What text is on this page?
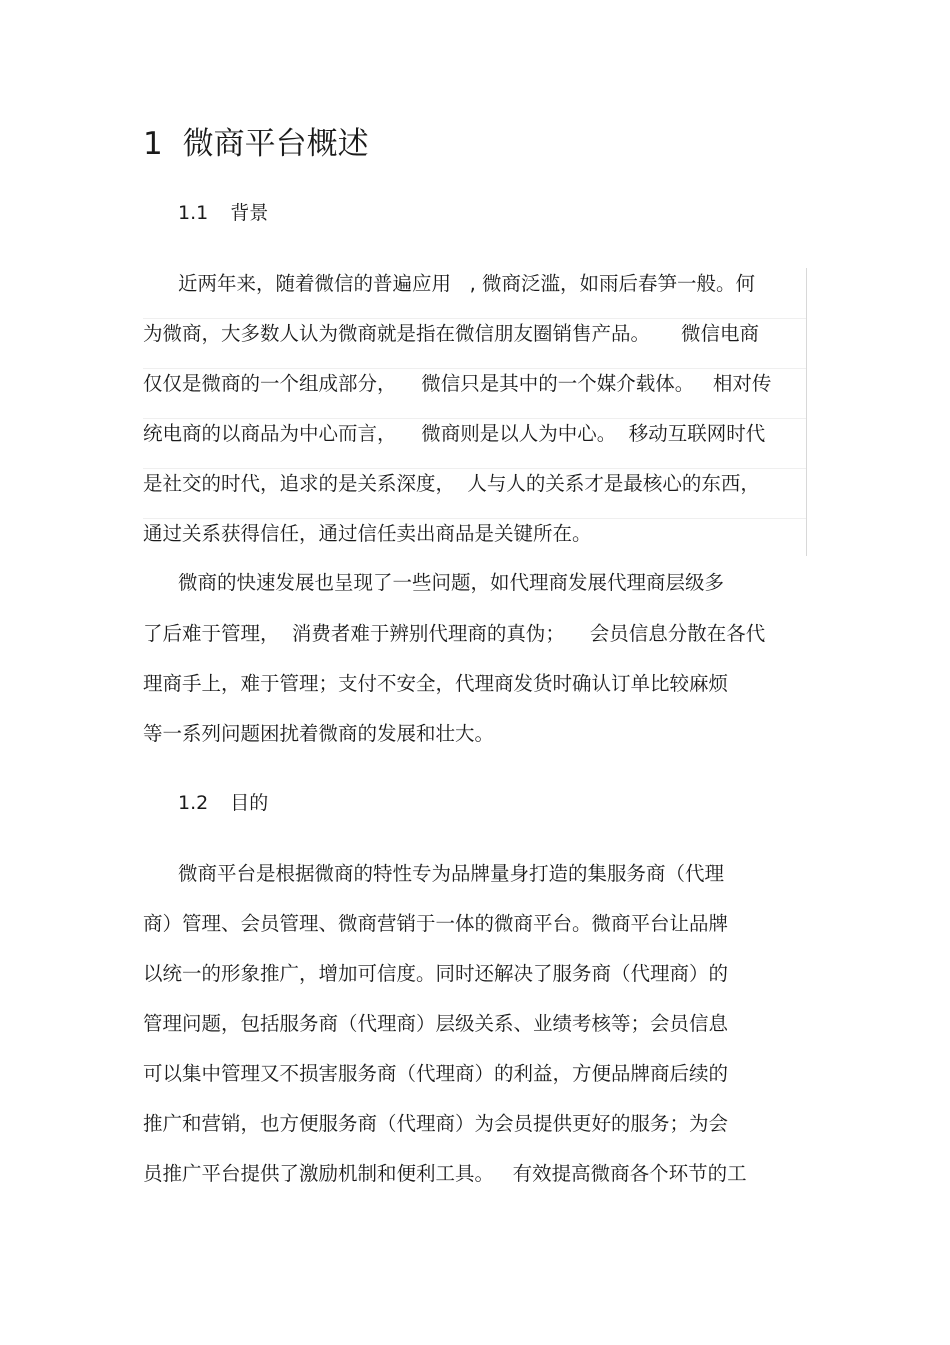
1 微商平台概述
1.1 背景
近两年来，随着微信的普遍应用   , 微商泛滥，如雨后春笋一般。何
为微商，大多数人认为微商就是指在微信朋友圈销售产品。     微信电商
仅仅是微商的一个组成部分，    微信只是其中的一个媒介载体。   相对传
统电商的以商品为中心而言，    微商则是以人为中心。  移动互联网时代
是社交的时代，追求的是关系深度，  人与人的关系才是最核心的东西，
通过关系获得信任，通过信任卖出商品是关键所在。
微商的快速发展也呈现了一些问题，如代理商发展代理商层级多
了后难于管理，  消费者难于辨别代理商的真伪；    会员信息分散在各代
理商手上，难于管理；支付不安全，代理商发货时确认订单比较麻烦
等一系列问题困扰着微商的发展和壮大。
1.2 目的
微商平台是根据微商的特性专为品牌量身打造的集服务商（代理
商）管理、会员管理、微商营销于一体的微商平台。微商平台让品牌
以统一的形象推广，增加可信度。同时还解决了服务商（代理商）的
管理问题，包括服务商（代理商）层级关系、业绩考核等；会员信息
可以集中管理又不损害服务商（代理商）的利益，方便品牌商后续的
推广和营销，也方便服务商（代理商）为会员提供更好的服务；为会
员推广平台提供了激励机制和便利工具。   有效提高微商各个环节的工
